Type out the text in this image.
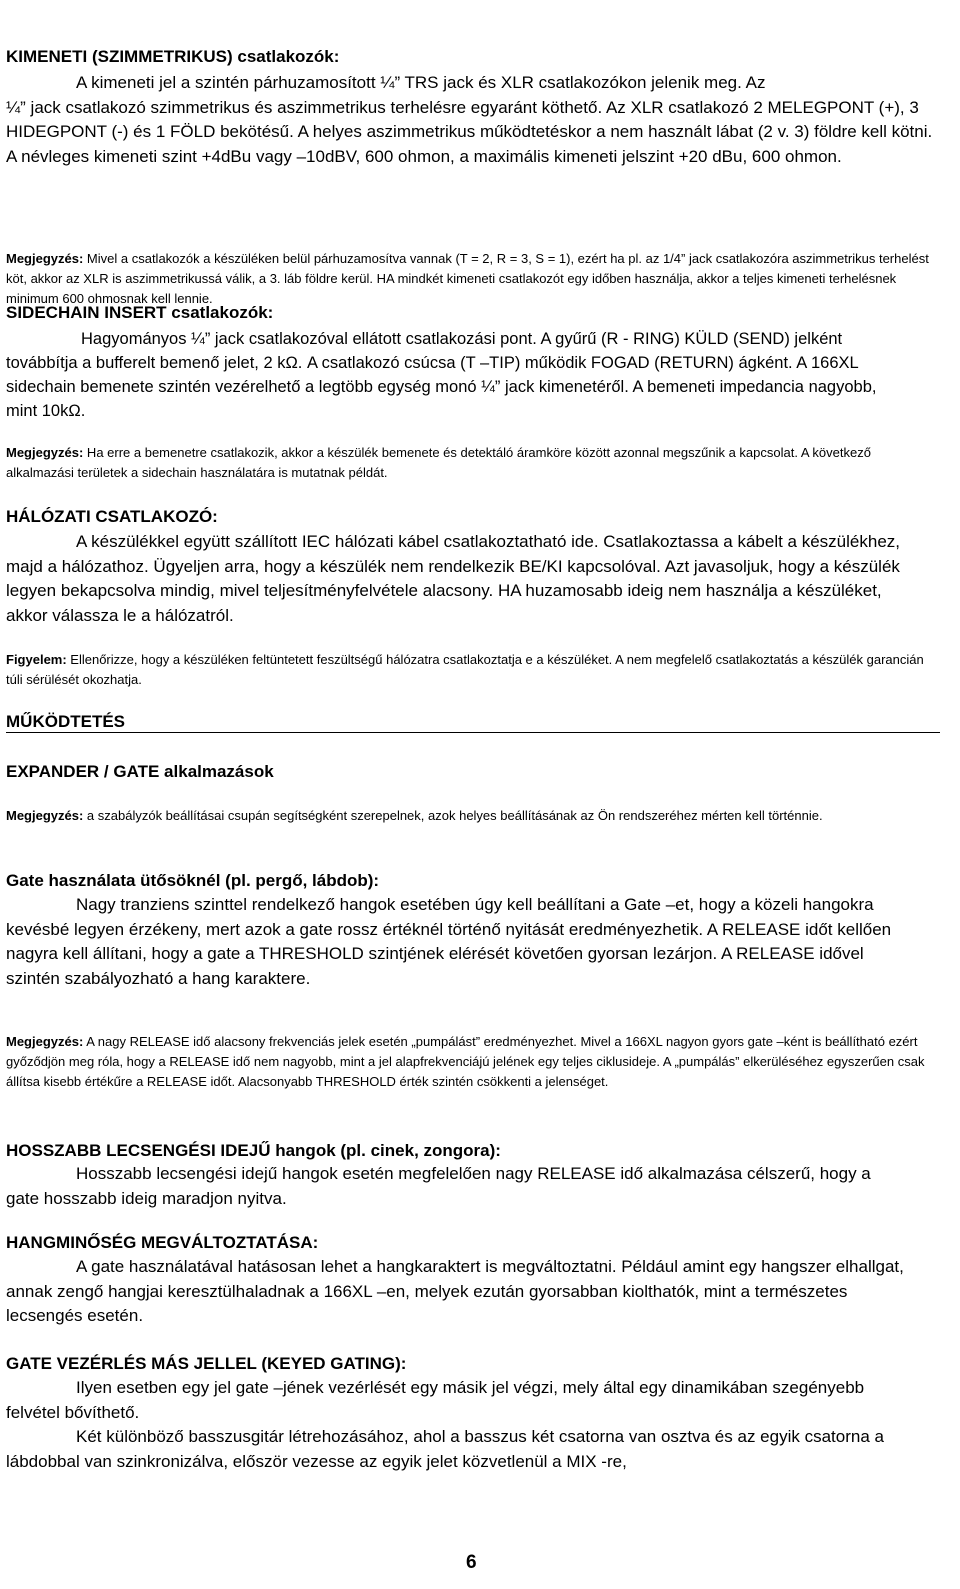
KIMENETI (SZIMMETRIKUS) csatlakozók:

A kimeneti jel a szintén párhuzamosított ¼” TRS jack és XLR csatlakozókon jelenik meg. Az
¼” jack csatlakozó szimmetrikus és aszimmetrikus terhelésre egyaránt köthető. Az XLR csatlakozó 2 MELEGPONT (+), 3 HIDEGPONT (-) és 1 FÖLD bekötésű. A helyes aszimmetrikus működtetéskor a nem használt lábat (2 v. 3) földre kell kötni. A névleges kimeneti szint +4dBu vagy –10dBV, 600 ohmon, a maximális kimeneti jelszint +20 dBu, 600 ohmon.

Megjegyzés: Mivel a csatlakozók a készüléken belül párhuzamosítva vannak (T = 2, R = 3, S = 1), ezért ha pl. az 1/4” jack csatlakozóra aszimmetrikus terhelést köt, akkor az XLR is aszimmetrikussá válik, a 3. láb földre kerül. HA mindkét kimeneti csatlakozót egy időben használja, akkor a teljes kimeneti terhelésnek minimum 600 ohmosnak kell lennie.

SIDECHAIN INSERT csatlakozók:

Hagyományos ¼” jack csatlakozóval ellátott csatlakozási pont. A gyűrű (R - RING) KÜLD (SEND) jelként továbbítja a bufferelt bemenő jelet, 2 kΩ. A csatlakozó csúcsa (T –TIP) működik FOGAD (RETURN) ágként. A 166XL sidechain bemenete szintén vezérelhető a legtöbb egység monó ¼” jack kimenetéről. A bemeneti impedancia nagyobb, mint 10kΩ.

Megjegyzés: Ha erre a bemenetre csatlakozik, akkor a készülék bemenete és detektáló áramköre között azonnal megszűnik a kapcsolat. A következő alkalmazási területek a sidechain használatára is mutatnak példát.

HÁLÓZATI CSATLAKOZÓ:

A készülékkel együtt szállított IEC hálózati kábel csatlakoztatható ide. Csatlakoztassa a kábelt a készülékhez, majd a hálózathoz. Ügyeljen arra, hogy a készülék nem rendelkezik BE/KI kapcsolóval. Azt javasoljuk, hogy a készülék legyen bekapcsolva mindig, mivel teljesítményfelvétele alacsony. HA huzamosabb ideig nem használja a készüléket, akkor válassza le a hálózatról.

Figyelem: Ellenőrizze, hogy a készüléken feltüntetett feszültségű hálózatra csatlakoztatja e a készüléket. A nem megfelelő csatlakoztatás a készülék garancián túli sérülését okozhatja.

MŰKÖDTETÉS
EXPANDER / GATE alkalmazások

Megjegyzés: a szabályzók beállításai csupán segítségként szerepelnek, azok helyes beállításának az Ön rendszeréhez mérten kell történnie.

Gate használata ütősöknél (pl. pergő, lábdob):

Nagy tranziens szinttel rendelkező hangok esetében úgy kell beállítani a Gate –et, hogy a közeli hangokra kevésbé legyen érzékeny, mert azok a gate rossz értéknél történő nyitását eredményezhetik. A RELEASE időt kellően nagyra kell állítani, hogy a gate a THRESHOLD szintjének elérését követően gyorsan lezárjon. A RELEASE idővel szintén szabályozható a hang karaktere.

Megjegyzés: A nagy RELEASE idő alacsony frekvenciás jelek esetén „pumpálást” eredményezhet. Mivel a 166XL nagyon gyors gate –ként is beállítható ezért győződjön meg róla, hogy a RELEASE idő nem nagyobb, mint a jel alapfrekvenciájú jelének egy teljes ciklusideje. A „pumpálás” elkerüléséhez egyszerűen csak állítsa kisebb értékűre a RELEASE időt. Alacsonyabb THRESHOLD érték szintén csökkenti a jelenséget.

HOSSZABB LECSENGÉSI IDEJŰ hangok (pl. cinek, zongora):

Hosszabb lecsengési idejű hangok esetén megfelelően nagy RELEASE idő alkalmazása célszerű, hogy a gate hosszabb ideig maradjon nyitva.

HANGMINŐSÉG MEGVÁLTOZTATÁSA:

A gate használatával hatásosan lehet a hangkaraktert is megváltoztatni. Például amint egy hangszer elhallgat, annak zengő hangjai keresztülhaladnak a 166XL –en, melyek ezután gyorsabban kiolthatók, mint a természetes lecsengés esetén.

GATE VEZÉRLÉS MÁS JELLEL (KEYED GATING):

Ilyen esetben egy jel gate –jének vezérlését egy másik jel végzi, mely által egy dinamikában szegényebb felvétel bővíthető.
Két különböző basszusgitár létrehozásához, ahol a basszus két csatorna van osztva és az egyik csatorna a lábdobbal van szinkronizálva, először vezesse az egyik jelet közvetlenül a MIX -re,

6
